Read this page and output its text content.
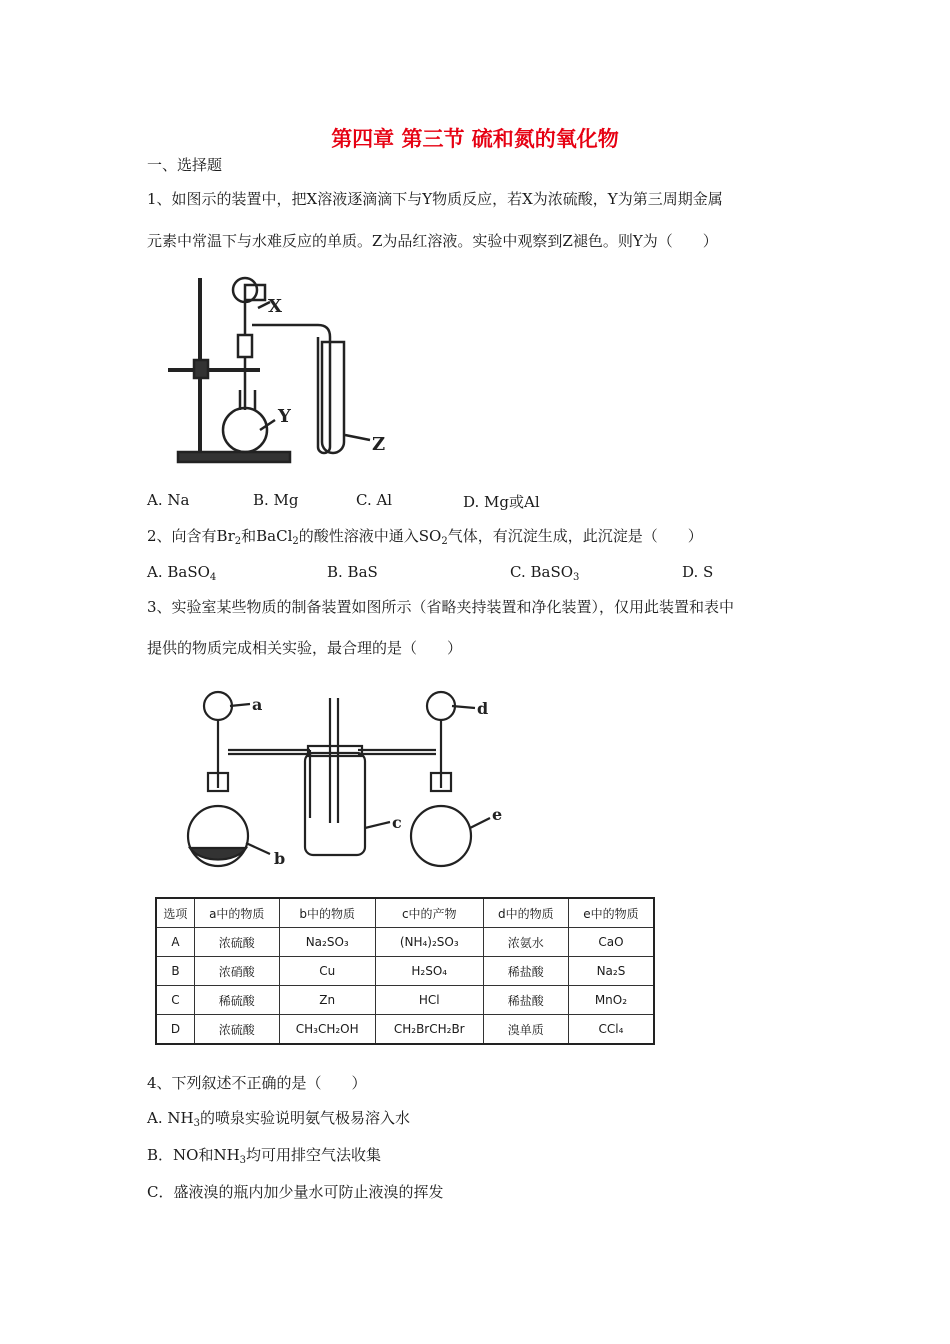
第四章 第三节 硫和氮的氧化物
一、选择题
1、如图示的装置中，把X溶液逐滴滴下与Y物质反应，若X为浓硫酸，Y为第三周期金属
元素中常温下与水难反应的单质。Z为品红溶液。实验中观察到Z褪色。则Y为（　　）
X
Y
Z
A. Na	B. Mg	C. Al	D. Mg或Al
2、向含有$Br_2$和BaCl$_2$的酸性溶液中通入$SO_2$气体，有沉淀生成，此沉淀是（　　）
A. BaSO$_4$	B. BaS	C. BaSO$_3$	D. S
3、实验室某些物质的制备装置如图所示（省略夹持装置和净化装置），仅用此装置和表中
提供的物质完成相关实验，最合理的是（　　）
a
b
c
d
e
选项	a中的物质	b中的物质	c中的产物	d中的物质	e中的物质
A	浓硫酸	Na₂SO₃	(NH₄)₂SO₃	浓氨水	CaO
B	浓硝酸	Cu	H₂SO₄	稀盐酸	Na₂S
C	稀硫酸	Zn	HCl	稀盐酸	MnO₂
D	浓硫酸	CH₃CH₂OH	CH₂BrCH₂Br	溴单质	CCl₄
4、下列叙述不正确的是（　　）
A. $NH_3$的喷泉实验说明氨气极易溶入水
B．NO和$NH_3$均可用排空气法收集
C．盛液溴的瓶内加少量水可防止液溴的挥发
